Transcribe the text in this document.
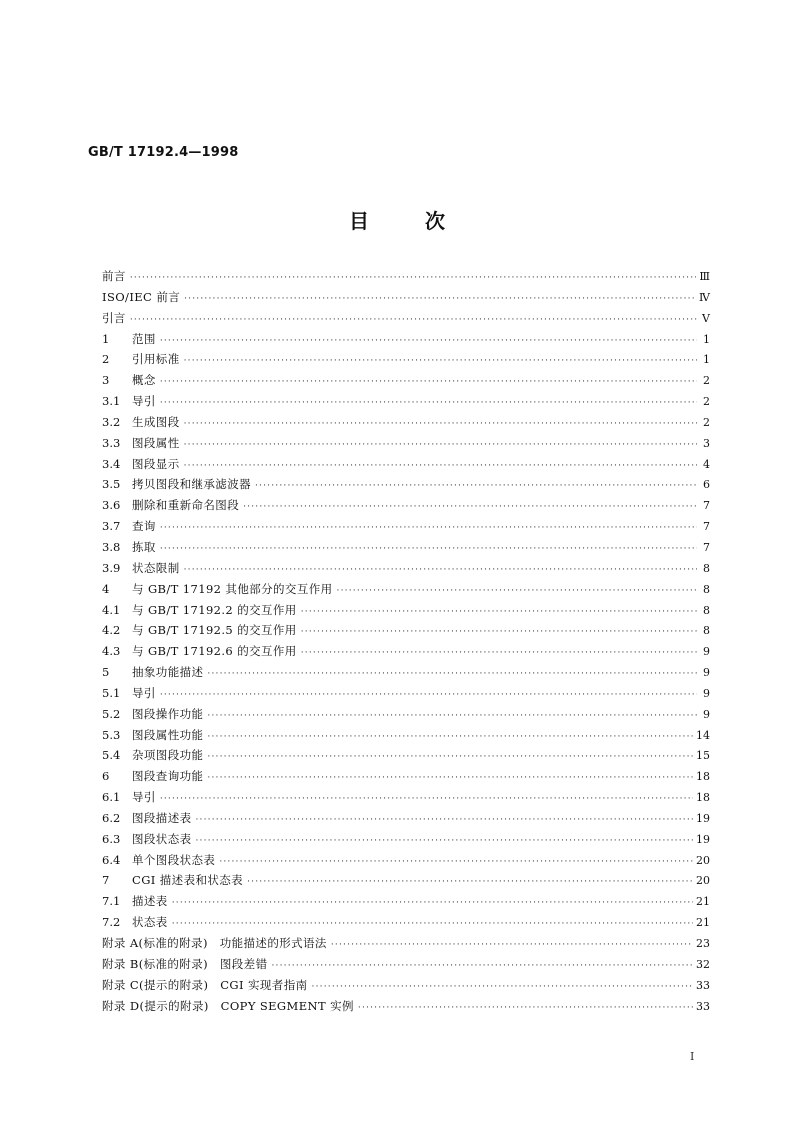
GB/T 17192.4—1998
目次
前言 ·····	Ⅲ
ISO/IEC 前言 ·····	Ⅳ
引言 ·····	Ⅴ
1	范围 ·····	1
2	引用标准 ·····	1
3	概念 ·····	2
3.1	导引 ·····	2
3.2	生成图段 ·····	2
3.3	图段属性 ·····	3
3.4	图段显示 ·····	4
3.5	拷贝图段和继承滤波器 ·····	6
3.6	删除和重新命名图段 ·····	7
3.7	查询 ·····	7
3.8	拣取 ·····	7
3.9	状态限制 ·····	8
4	与 GB/T 17192 其他部分的交互作用 ·····	8
4.1	与 GB/T 17192.2 的交互作用 ·····	8
4.2	与 GB/T 17192.5 的交互作用 ·····	8
4.3	与 GB/T 17192.6 的交互作用 ·····	9
5	抽象功能描述 ·····	9
5.1	导引 ·····	9
5.2	图段操作功能 ·····	9
5.3	图段属性功能 ·····	14
5.4	杂项图段功能 ·····	15
6	图段查询功能 ·····	18
6.1	导引 ·····	18
6.2	图段描述表 ·····	19
6.3	图段状态表 ·····	19
6.4	单个图段状态表 ·····	20
7	CGI 描述表和状态表 ·····	20
7.1	描述表 ·····	21
7.2	状态表 ·····	21
附录 A(标准的附录)　功能描述的形式语法 ·····	23
附录 B(标准的附录)　图段差错 ·····	32
附录 C(提示的附录)　CGI 实现者指南 ·····	33
附录 D(提示的附录)　COPY SEGMENT 实例 ·····	33
I
